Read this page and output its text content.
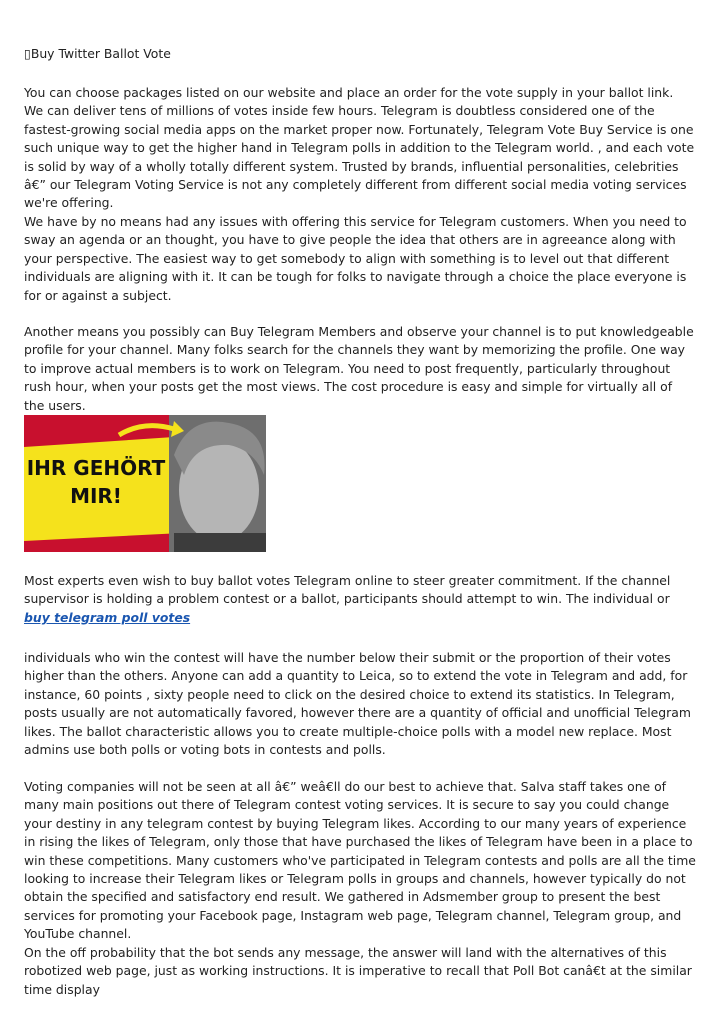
▯Buy Twitter Ballot Vote

You can choose packages listed on our website and place an order for the vote supply in your ballot link. We can deliver tens of millions of votes inside few hours. Telegram is doubtless considered one of the fastest-growing social media apps on the market proper now. Fortunately, Telegram Vote Buy Service is one such unique way to get the higher hand in Telegram polls in addition to the Telegram world. , and each vote is solid by way of a wholly totally different system. Trusted by brands, influential personalities, celebrities â€” our Telegram Voting Service is not any completely different from different social media voting services we're offering.

We have by no means had any issues with offering this service for Telegram customers. When you need to sway an agenda or an thought, you have to give people the idea that others are in agreeance along with your perspective. The easiest way to get somebody to align with something is to level out that different individuals are aligning with it. It can be tough for folks to navigate through a choice the place everyone is for or against a subject.

Another means you possibly can Buy Telegram Members and observe your channel is to put knowledgeable profile for your channel. Many folks search for the channels they want by memorizing the profile. One way to improve actual members is to work on Telegram. You need to post frequently, particularly throughout rush hour, when your posts get the most views. The cost procedure is easy and simple for virtually all of the users.

IHR GEHÖRT
MIR!

Most experts even wish to buy ballot votes Telegram online to steer greater commitment. If the channel supervisor is holding a problem contest or a ballot, participants should attempt to win. The individual or buy telegram poll votes

individuals who win the contest will have the number below their submit or the proportion of their votes higher than the others. Anyone can add a quantity to Leica, so to extend the vote in Telegram and add, for instance, 60 points , sixty people need to click on the desired choice to extend its statistics. In Telegram, posts usually are not automatically favored, however there are a quantity of official and unofficial Telegram likes. The ballot characteristic allows you to create multiple-choice polls with a model new replace. Most admins use both polls or voting bots in contests and polls.

Voting companies will not be seen at all â€” weâ€ll do our best to achieve that. Salva staff takes one of many main positions out there of Telegram contest voting services. It is secure to say you could change your destiny in any telegram contest by buying Telegram likes. According to our many years of experience in rising the likes of Telegram, only those that have purchased the likes of Telegram have been in a place to win these competitions. Many customers who've participated in Telegram contests and polls are all the time looking to increase their Telegram likes or Telegram polls in groups and channels, however typically do not obtain the specified and satisfactory end result. We gathered in Adsmember group to present the best services for promoting your Facebook page, Instagram web page, Telegram channel, Telegram group, and YouTube channel.

On the off probability that the bot sends any message, the answer will land with the alternatives of this robotized web page, just as working instructions. It is imperative to recall that Poll Bot canâ€t at the similar time display
